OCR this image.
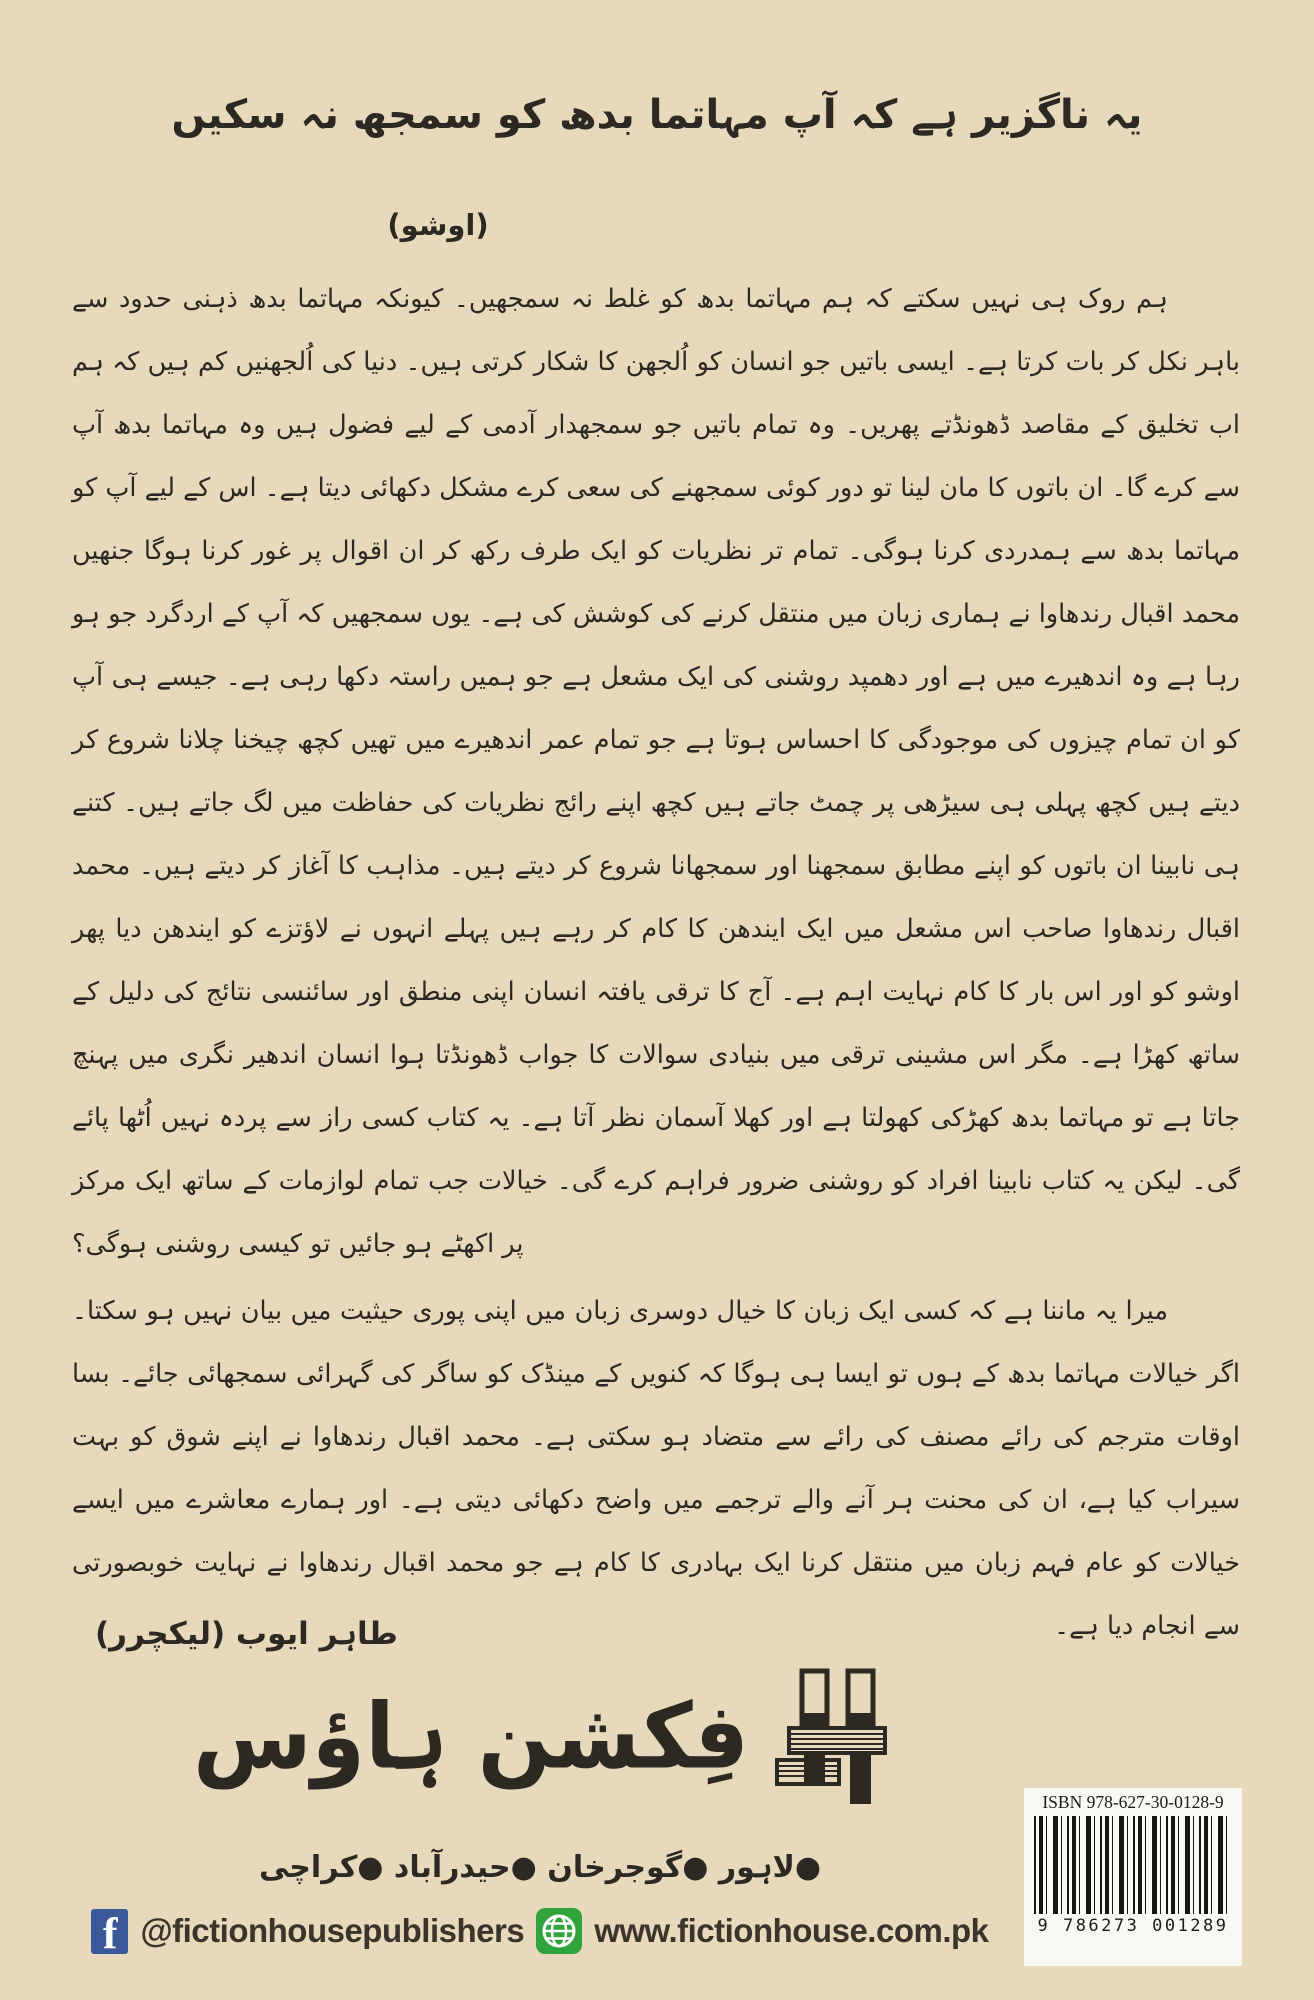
یہ ناگزیر ہے کہ آپ مہاتما بدھ کو سمجھ نہ سکیں
(اوشو)

ہم روک ہی نہیں سکتے کہ ہم مہاتما بدھ کو غلط نہ سمجھیں۔ کیونکہ مہاتما بدھ ذہنی حدود سے باہر نکل کر بات کرتا ہے۔ ایسی باتیں جو انسان کو اُلجھن کا شکار کرتی ہیں۔ دنیا کی اُلجھنیں کم ہیں کہ ہم اب تخلیق کے مقاصد ڈھونڈتے پھریں۔ وہ تمام باتیں جو سمجھدار آدمی کے لیے فضول ہیں وہ مہاتما بدھ آپ سے کرے گا۔ ان باتوں کا مان لینا تو دور کوئی سمجھنے کی سعی کرے مشکل دکھائی دیتا ہے۔ اس کے لیے آپ کو مہاتما بدھ سے ہمدردی کرنا ہوگی۔ تمام تر نظریات کو ایک طرف رکھ کر ان اقوال پر غور کرنا ہوگا جنھیں محمد اقبال رندھاوا نے ہماری زبان میں منتقل کرنے کی کوشش کی ہے۔ یوں سمجھیں کہ آپ کے اردگرد جو ہو رہا ہے وہ اندھیرے میں ہے اور دھمپد روشنی کی ایک مشعل ہے جو ہمیں راستہ دکھا رہی ہے۔ جیسے ہی آپ کو ان تمام چیزوں کی موجودگی کا احساس ہوتا ہے جو تمام عمر اندھیرے میں تھیں کچھ چیخنا چلانا شروع کر دیتے ہیں کچھ پہلی ہی سیڑھی پر چمٹ جاتے ہیں کچھ اپنے رائج نظریات کی حفاظت میں لگ جاتے ہیں۔ کتنے ہی نابینا ان باتوں کو اپنے مطابق سمجھنا اور سمجھانا شروع کر دیتے ہیں۔ مذاہب کا آغاز کر دیتے ہیں۔ محمد اقبال رندھاوا صاحب اس مشعل میں ایک ایندھن کا کام کر رہے ہیں پہلے انہوں نے لاؤتزے کو ایندھن دیا پھر اوشو کو اور اس بار کا کام نہایت اہم ہے۔ آج کا ترقی یافتہ انسان اپنی منطق اور سائنسی نتائج کی دلیل کے ساتھ کھڑا ہے۔ مگر اس مشینی ترقی میں بنیادی سوالات کا جواب ڈھونڈتا ہوا انسان اندھیر نگری میں پہنچ جاتا ہے تو مہاتما بدھ کھڑکی کھولتا ہے اور کھلا آسمان نظر آتا ہے۔ یہ کتاب کسی راز سے پردہ نہیں اُٹھا پائے گی۔ لیکن یہ کتاب نابینا افراد کو روشنی ضرور فراہم کرے گی۔ خیالات جب تمام لوازمات کے ساتھ ایک مرکز پر اکھٹے ہو جائیں تو کیسی روشنی ہوگی؟

میرا یہ ماننا ہے کہ کسی ایک زبان کا خیال دوسری زبان میں اپنی پوری حیثیت میں بیان نہیں ہو سکتا۔ اگر خیالات مہاتما بدھ کے ہوں تو ایسا ہی ہوگا کہ کنویں کے مینڈک کو ساگر کی گہرائی سمجھائی جائے۔ بسا اوقات مترجم کی رائے مصنف کی رائے سے متضاد ہو سکتی ہے۔ محمد اقبال رندھاوا نے اپنے شوق کو بہت سیراب کیا ہے، ان کی محنت ہر آنے والے ترجمے میں واضح دکھائی دیتی ہے۔ اور ہمارے معاشرے میں ایسے خیالات کو عام فہم زبان میں منتقل کرنا ایک بہادری کا کام ہے جو محمد اقبال رندھاوا نے نہایت خوبصورتی سے انجام دیا ہے۔

طاہر ایوب (لیکچرر)
فِکشن ہاؤس
●لاہور ●گوجرخان ●حیدرآباد ●کراچی
f
@fictionhousepublishers www.fictionhouse.com.pk
ISBN 978-627-30-0128-9
9 786273 001289
